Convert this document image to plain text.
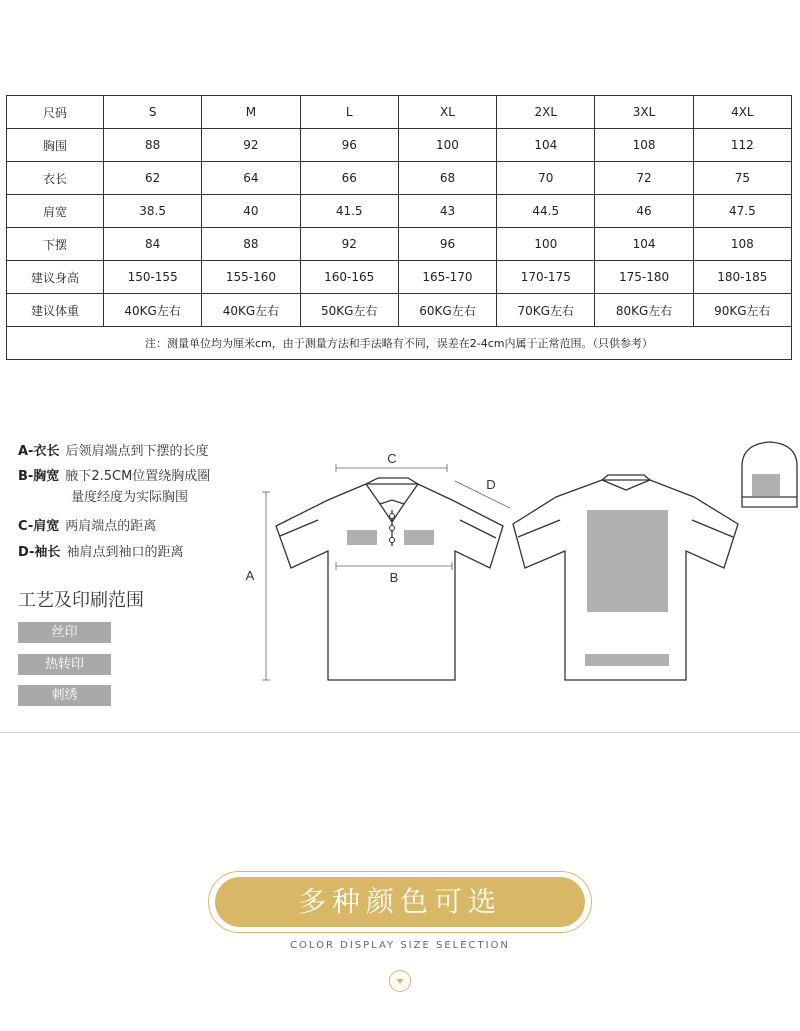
尺码	S	M	L	XL	2XL	3XL	4XL
胸围	88	92	96	100	104	108	112
衣长	62	64	66	68	70	72	75
肩宽	38.5	40	41.5	43	44.5	46	47.5
下摆	84	88	92	96	100	104	108
建议身高	150-155	155-160	160-165	165-170	170-175	175-180	180-185
建议体重	40KG左右	40KG左右	50KG左右	60KG左右	70KG左右	80KG左右	90KG左右
注：测量单位均为厘米cm，由于测量方法和手法略有不同，误差在2-4cm内属于正常范围。（只供参考）							
A-衣长 后领肩端点到下摆的长度
B-胸宽 腋下2.5CM位置绕胸成圈
量度经度为实际胸围
C-肩宽 两肩端点的距离
D-袖长 袖肩点到袖口的距离
工艺及印刷范围
丝印
热转印
刺绣
C
B
A
D
多种颜色可选
COLOR DISPLAY SIZE SELECTION
